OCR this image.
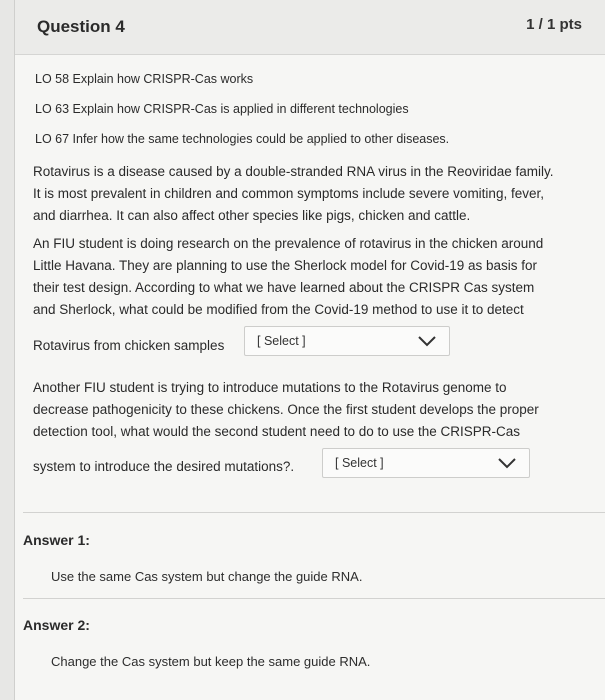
Question 4	1 / 1 pts
LO 58 Explain how CRISPR-Cas works
LO 63 Explain how CRISPR-Cas is applied in different technologies
LO 67 Infer how the same technologies could be applied to other diseases.
Rotavirus is a disease caused by a double-stranded RNA virus in the Reoviridae family.
It is most prevalent in children and common symptoms include severe vomiting, fever,
and diarrhea. It can also affect other species like pigs, chicken and cattle.
An FIU student is doing research on the prevalence of rotavirus in the chicken around
Little Havana. They are planning to use the Sherlock model for Covid-19 as basis for
their test design. According to what we have learned about the CRISPR Cas system
and Sherlock, what could be modified from the Covid-19 method to use it to detect
Rotavirus from chicken samples	[ Select ]
Another FIU student is trying to introduce mutations to the Rotavirus genome to
decrease pathogenicity to these chickens. Once the first student develops the proper
detection tool, what would the second student need to do to use the CRISPR-Cas
system to introduce the desired mutations?.	[ Select ]
Answer 1:
Use the same Cas system but change the guide RNA.
Answer 2:
Change the Cas system but keep the same guide RNA.
